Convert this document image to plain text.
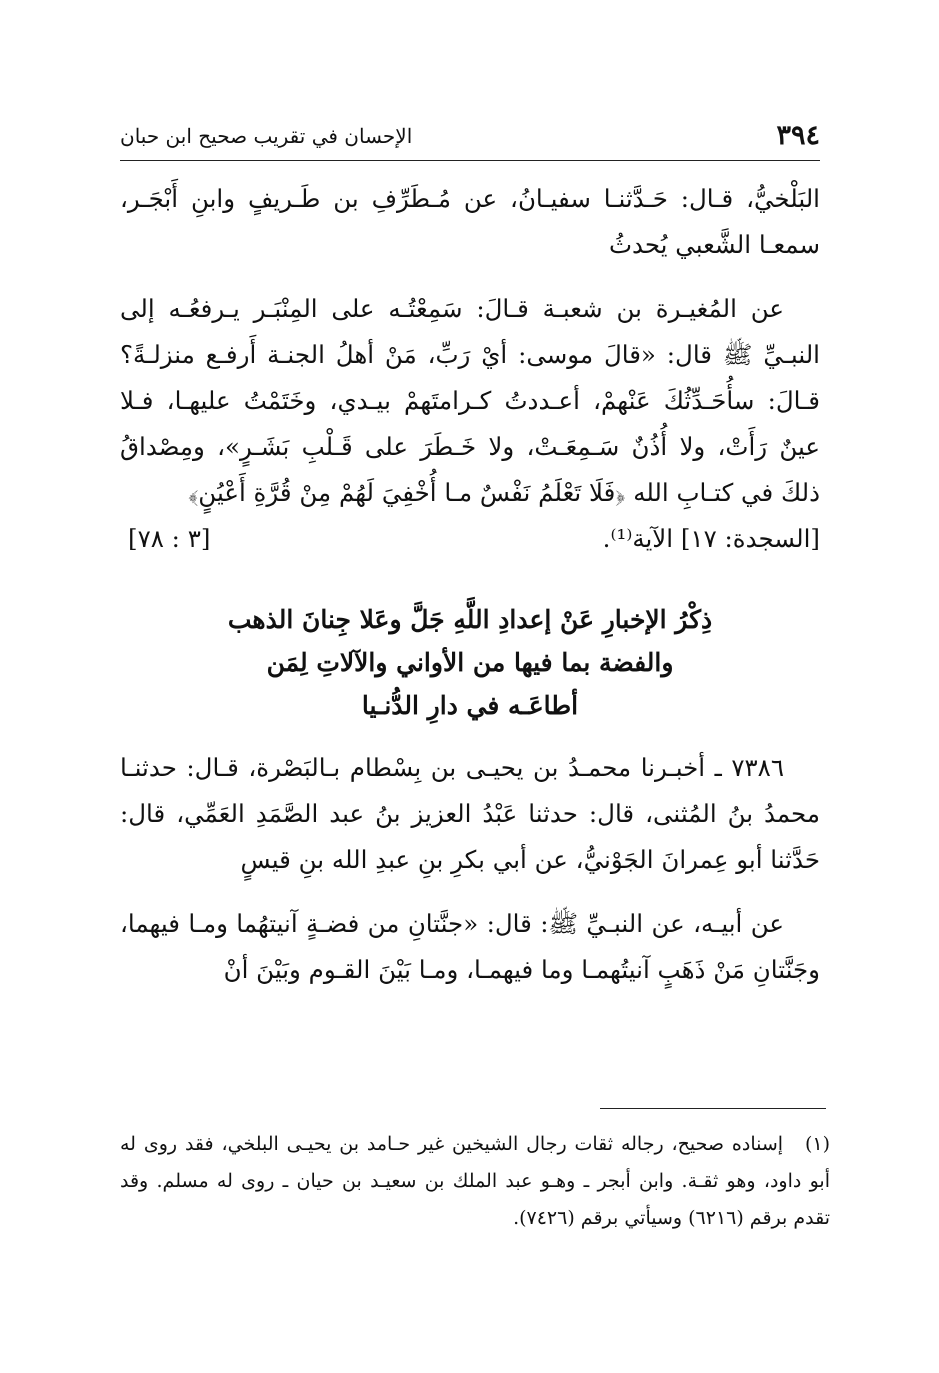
٣٩٤
الإحسان في تقريب صحيح ابن حبان

البَلْخيُّ، قـال: حَـدَّثنـا سفيـانُ، عن مُـطَرِّفِ بن طَـريفٍ وابنِ أَبْجَـر، سمعـا الشَّعبي يُحدثُ

عن المُغيـرة بن شعبـة قـالَ: سَمِعْتُـه على المِنْبَـر يـرفعُـه إلى النبـيِّ ﷺ قال: «قالَ موسى: أيْ رَبِّ، مَنْ أهلُ الجنـة أَرفـع منزلـةً؟ قـالَ: سأُحَـدِّثُكَ عَنْهمْ، أعـددتُ كـرامتَهمْ بيـدي، وخَتَمْتُ عليهـا، فـلا عينٌ رَأَتْ، ولا أُذُنٌ سَـمِعَـتْ، ولا خَـطَرَ على قَـلْبِ بَشَـرٍ»، ومِصْداقُ ذلكَ في كتـابِ الله ﴿فَلَا تَعْلَمُ نَفْسٌ مـا أُخْفِيَ لَهُمْ مِنْ قُرَّةِ أَعْيُنٍ﴾

[السجدة: ١٧] الآية⁽¹⁾.
[٣ : ٧٨]

ذِكْرُ الإخبارِ عَنْ إعدادِ اللَّهِ جَلَّ وعَلا جِنانَ الذهب

والفضة بما فيها من الأواني والآلاتِ لِمَن

أطاعَـه في دارِ الدُّنـيا

٧٣٨٦ ـ أخبـرنا محمـدُ بن يحيـى بن بِسْطام بـالبَصْرة، قـال: حدثنـا محمدُ بنُ المُثنى، قال: حدثنا عَبْدُ العزيز بنُ عبد الصَّمَدِ العَمِّي، قال: حَدَّثنا أبو عِمرانَ الجَوْنيُّ، عن أبي بكرِ بنِ عبدِ الله بنِ قيسٍ

عن أبيـه، عن النبـيِّ ﷺ: قال: «جنَّتانِ من فضـةٍ آنيتهُما ومـا فيهما، وجَنَّتانِ مَنْ ذَهَبٍ آنيتُهمـا وما فيهمـا، ومـا بَيْنَ القـوم وبَيْنَ أنْ

(١) إسناده صحيح، رجاله ثقات رجال الشيخين غير حـامد بن يحيـى البلخي، فقد روى له أبو داود، وهو ثقـة. وابن أبجر ـ وهـو عبد الملك بن سعيـد بن حيان ـ روى له مسلم. وقد تقدم برقم (٦٢١٦) وسيأتي برقم (٧٤٢٦).
